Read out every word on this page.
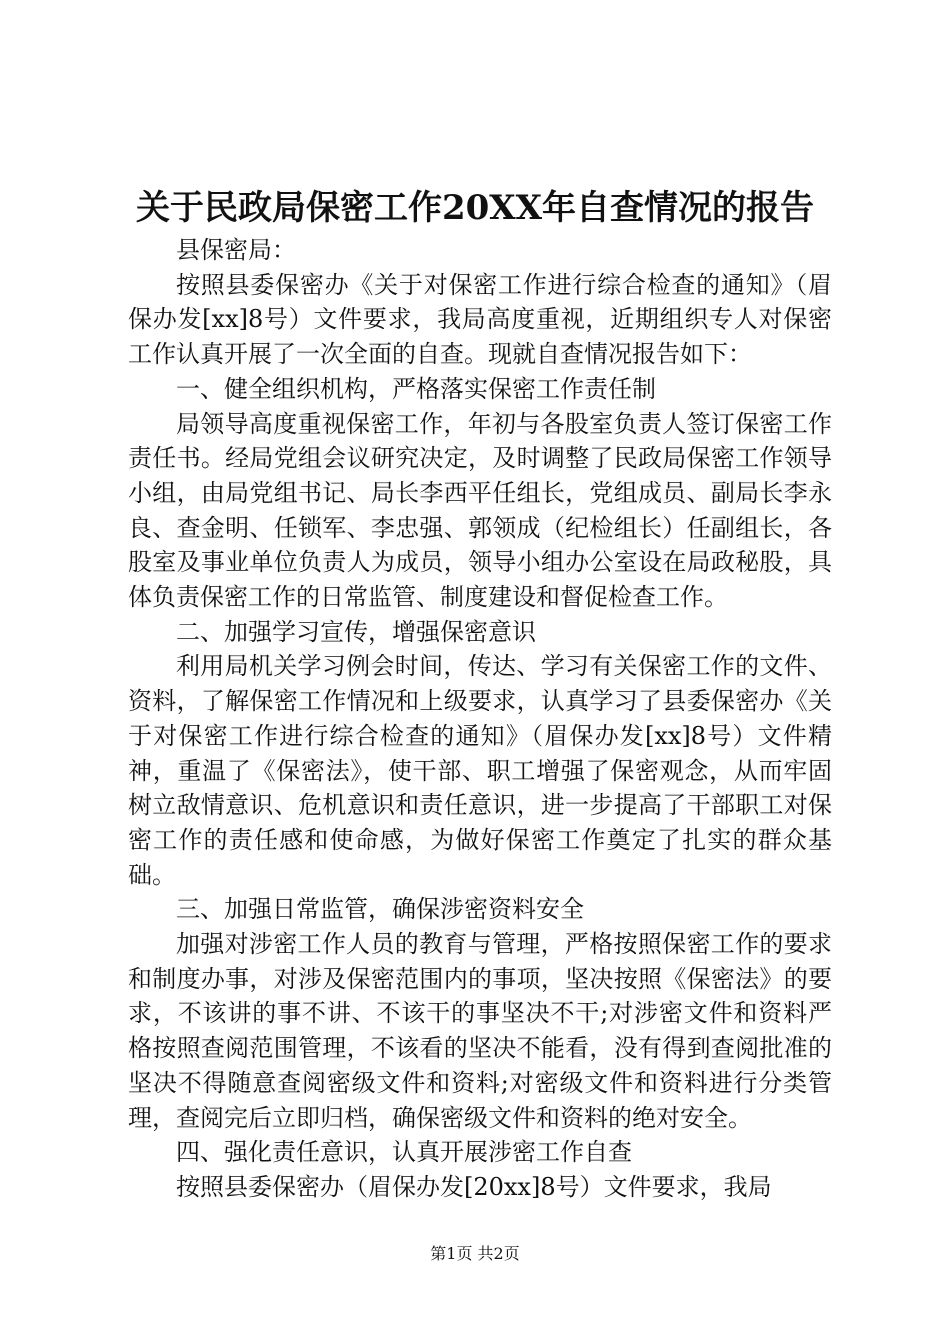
关于民政局保密工作20XX年自查情况的报告

县保密局：

按照县委保密办《关于对保密工作进行综合检查的通知》（眉保办发[xx]8号）文件要求，我局高度重视，近期组织专人对保密工作认真开展了一次全面的自查。现就自查情况报告如下：

一、健全组织机构，严格落实保密工作责任制

局领导高度重视保密工作，年初与各股室负责人签订保密工作责任书。经局党组会议研究决定，及时调整了民政局保密工作领导小组，由局党组书记、局长李西平任组长，党组成员、副局长李永良、查金明、任锁军、李忠强、郭领成（纪检组长）任副组长，各股室及事业单位负责人为成员，领导小组办公室设在局政秘股，具体负责保密工作的日常监管、制度建设和督促检查工作。

二、加强学习宣传，增强保密意识

利用局机关学习例会时间，传达、学习有关保密工作的文件、资料，了解保密工作情况和上级要求，认真学习了县委保密办《关于对保密工作进行综合检查的通知》（眉保办发[xx]8号）文件精神，重温了《保密法》，使干部、职工增强了保密观念，从而牢固树立敌情意识、危机意识和责任意识，进一步提高了干部职工对保密工作的责任感和使命感，为做好保密工作奠定了扎实的群众基础。

三、加强日常监管，确保涉密资料安全

加强对涉密工作人员的教育与管理，严格按照保密工作的要求和制度办事，对涉及保密范围内的事项，坚决按照《保密法》的要求，不该讲的事不讲、不该干的事坚决不干;对涉密文件和资料严格按照查阅范围管理，不该看的坚决不能看，没有得到查阅批准的坚决不得随意查阅密级文件和资料;对密级文件和资料进行分类管理，查阅完后立即归档，确保密级文件和资料的绝对安全。

四、强化责任意识，认真开展涉密工作自查

按照县委保密办（眉保办发[20xx]8号）文件要求，我局

第1页 共2页
